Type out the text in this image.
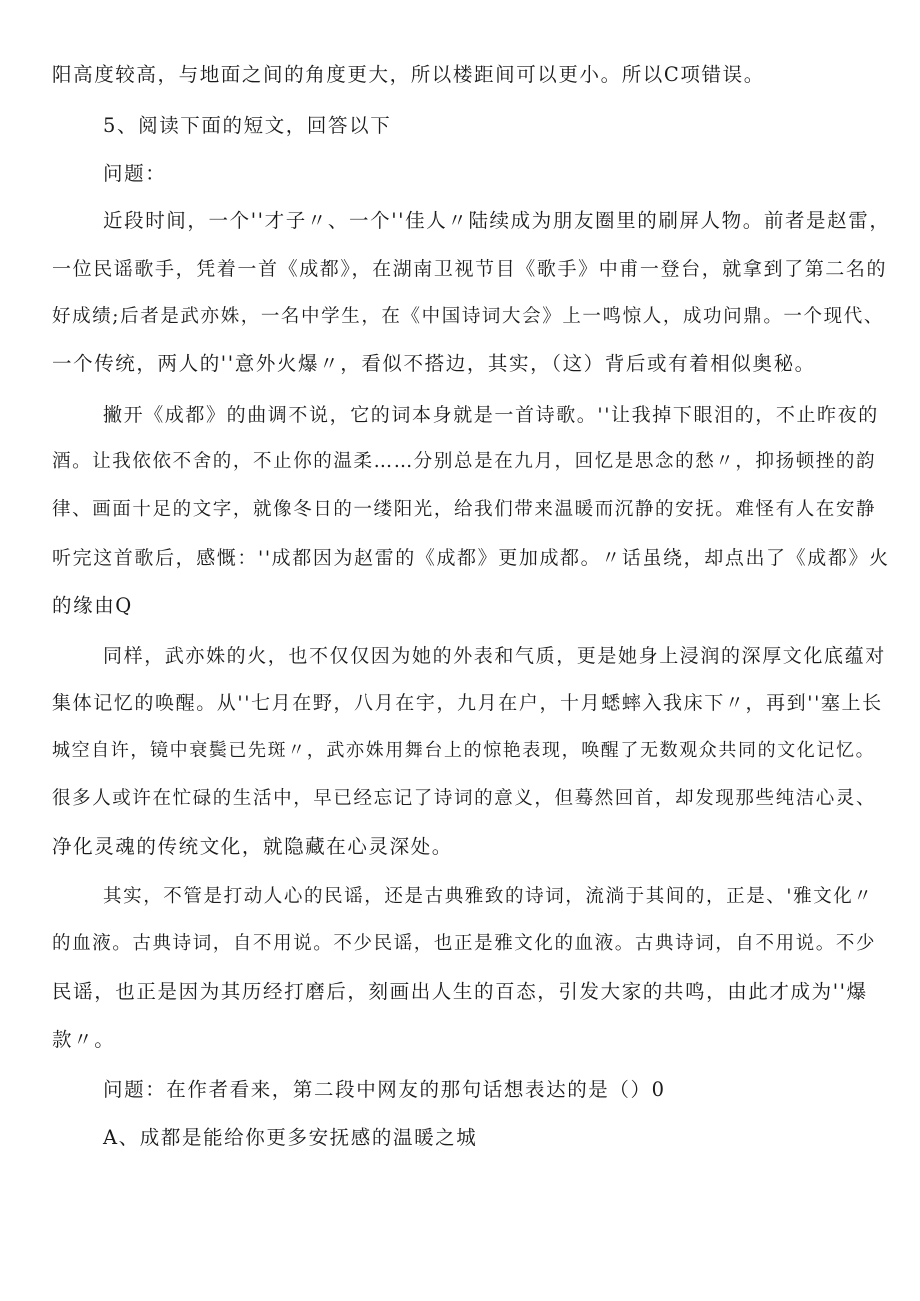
阳高度较高，与地面之间的角度更大，所以楼距间可以更小。所以C项错误。
5、阅读下面的短文，回答以下
问题：
近段时间，一个''才子〃、一个''佳人〃陆续成为朋友圈里的刷屏人物。前者是赵雷，
一位民谣歌手，凭着一首《成都》，在湖南卫视节目《歌手》中甫一登台，就拿到了第二名的
好成绩;后者是武亦姝，一名中学生，在《中国诗词大会》上一鸣惊人，成功问鼎。一个现代、
一个传统，两人的''意外火爆〃，看似不搭边，其实，（这）背后或有着相似奥秘。
撇开《成都》的曲调不说，它的词本身就是一首诗歌。''让我掉下眼泪的，不止昨夜的
酒。让我依依不舍的，不止你的温柔……分别总是在九月，回忆是思念的愁〃，抑扬顿挫的韵
律、画面十足的文字，就像冬日的一缕阳光，给我们带来温暖而沉静的安抚。难怪有人在安静
听完这首歌后，感慨：''成都因为赵雷的《成都》更加成都。〃话虽绕，却点出了《成都》火
的缘由Q
同样，武亦姝的火，也不仅仅因为她的外表和气质，更是她身上浸润的深厚文化底蕴对
集体记忆的唤醒。从''七月在野，八月在宇，九月在户，十月蟋蟀入我床下〃，再到''塞上长
城空自许，镜中衰鬓已先斑〃，武亦姝用舞台上的惊艳表现，唤醒了无数观众共同的文化记忆。
很多人或许在忙碌的生活中，早已经忘记了诗词的意义，但蓦然回首，却发现那些纯洁心灵、
净化灵魂的传统文化，就隐藏在心灵深处。
其实，不管是打动人心的民谣，还是古典雅致的诗词，流淌于其间的，正是、'雅文化〃
的血液。古典诗词，自不用说。不少民谣，也正是雅文化的血液。古典诗词，自不用说。不少
民谣，也正是因为其历经打磨后，刻画出人生的百态，引发大家的共鸣，由此才成为''爆
款〃。
问题：在作者看来，第二段中网友的那句话想表达的是（）0
A、成都是能给你更多安抚感的温暖之城
